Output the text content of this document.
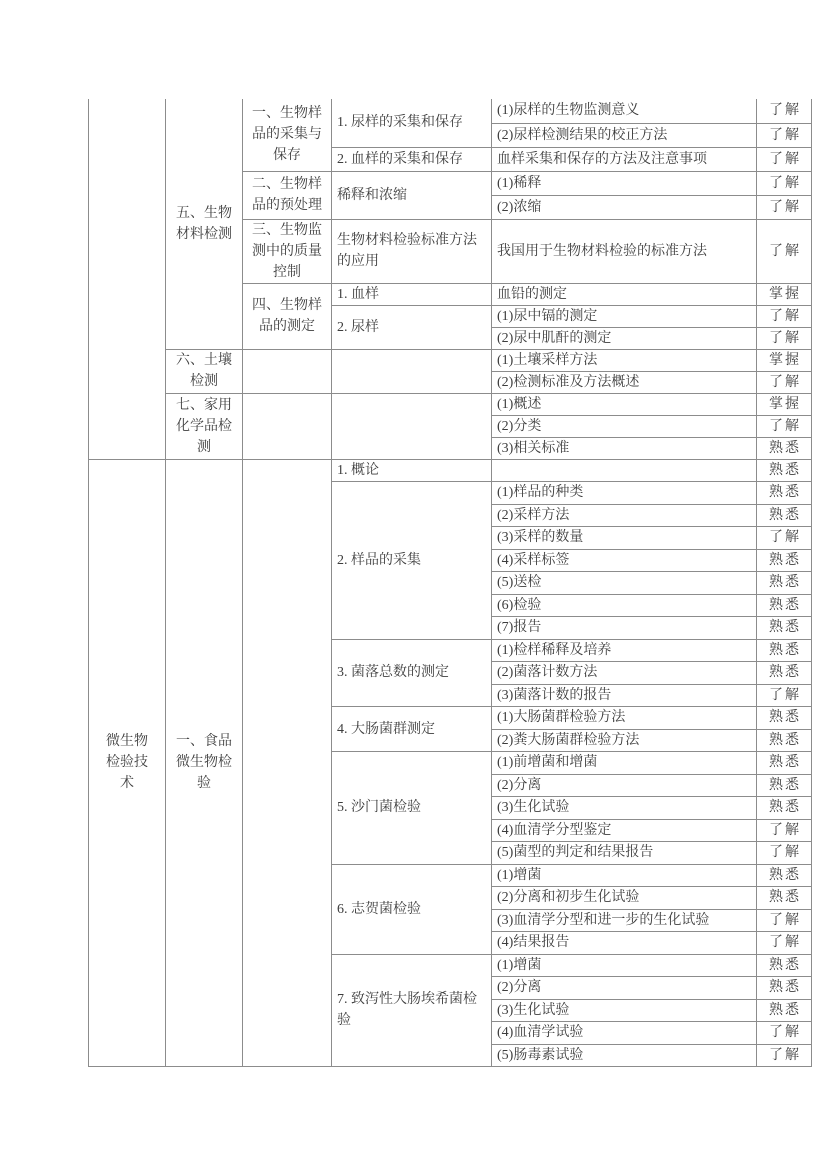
	五、生物材料检测	一、生物样品的采集与保存	1. 尿样的采集和保存	(1)尿样的生物监测意义	了解
				(2)尿样检测结果的校正方法	了解
			2. 血样的采集和保存	血样采集和保存的方法及注意事项	了解
		二、生物样品的预处理	稀释和浓缩	(1)稀释	了解
				(2)浓缩	了解
		三、生物监测中的质量控制	生物材料检验标准方法的应用	我国用于生物材料检验的标准方法	了解
		四、生物样品的测定	1. 血样	血铅的测定	掌握
			2. 尿样	(1)尿中镉的测定	了解
				(2)尿中肌酐的测定	了解
	六、土壤检测			(1)土壤采样方法	掌握
				(2)检测标准及方法概述	了解
	七、家用化学品检测			(1)概述	掌握
				(2)分类	了解
				(3)相关标准	熟悉
微生物检验技术	一、食品微生物检验		1. 概论		熟悉
			2. 样品的采集	(1)样品的种类	熟悉
				(2)采样方法	熟悉
				(3)采样的数量	了解
				(4)采样标签	熟悉
				(5)送检	熟悉
				(6)检验	熟悉
				(7)报告	熟悉
			3. 菌落总数的测定	(1)检样稀释及培养	熟悉
				(2)菌落计数方法	熟悉
				(3)菌落计数的报告	了解
			4. 大肠菌群测定	(1)大肠菌群检验方法	熟悉
				(2)粪大肠菌群检验方法	熟悉
			5. 沙门菌检验	(1)前增菌和增菌	熟悉
				(2)分离	熟悉
				(3)生化试验	熟悉
				(4)血清学分型鉴定	了解
				(5)菌型的判定和结果报告	了解
			6. 志贺菌检验	(1)增菌	熟悉
				(2)分离和初步生化试验	熟悉
				(3)血清学分型和进一步的生化试验	了解
				(4)结果报告	了解
			7. 致泻性大肠埃希菌检验	(1)增菌	熟悉
				(2)分离	熟悉
				(3)生化试验	熟悉
				(4)血清学试验	了解
				(5)肠毒素试验	了解
